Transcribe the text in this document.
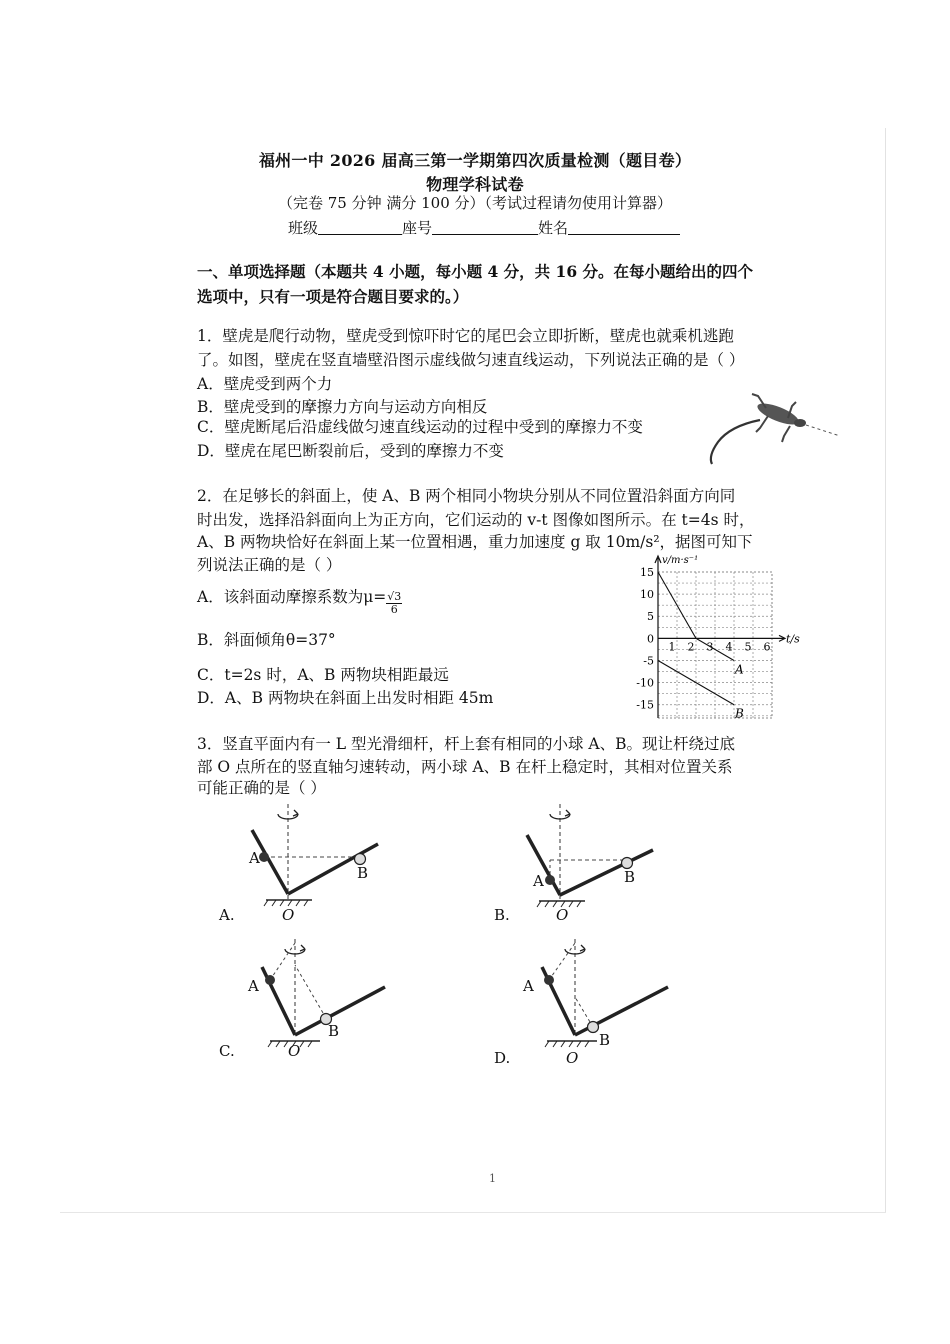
福州一中 2026 届高三第一学期第四次质量检测（题目卷）
物理学科试卷
（完卷 75 分钟 满分 100 分）（考试过程请勿使用计算器）
班级	座号	姓名
一、单项选择题（本题共 4 小题，每小题 4 分，共 16 分。在每小题给出的四个
选项中，只有一项是符合题目要求的。）
1．壁虎是爬行动物，壁虎受到惊吓时它的尾巴会立即折断，壁虎也就乘机逃跑
了。如图，壁虎在竖直墙壁沿图示虚线做匀速直线运动，下列说法正确的是（ ）
A．壁虎受到两个力
B．壁虎受到的摩擦力方向与运动方向相反
C．壁虎断尾后沿虚线做匀速直线运动的过程中受到的摩擦力不变
D．壁虎在尾巴断裂前后，受到的摩擦力不变
2．在足够长的斜面上，使 A、B 两个相同小物块分别从不同位置沿斜面方向同
时出发，选择沿斜面向上为正方向，它们运动的 v-t 图像如图所示。在 t=4s 时，
A、B 两物块恰好在斜面上某一位置相遇，重力加速度 g 取 10m/s²，据图可知下
列说法正确的是（ ）
A．该斜面动摩擦系数为$\mu= \frac{√3}{6}$
B．斜面倾角θ=37°
C．t=2s 时，A、B 两物块相距最远
D．A、B 两物块在斜面上出发时相距 45m
v/m·s⁻¹
t/s
15
10
5
0
-5
-10
-15
1 2 3 4 5 6
A
B
3．竖直平面内有一 L 型光滑细杆，杆上套有相同的小球 A、B。现让杆绕过底
部 O 点所在的竖直轴匀速转动，两小球 A、B 在杆上稳定时，其相对位置关系
可能正确的是（ ）
A
B
O
A.
A	B
O
B.
A
B
O
C.
A
B
O
D.
1
